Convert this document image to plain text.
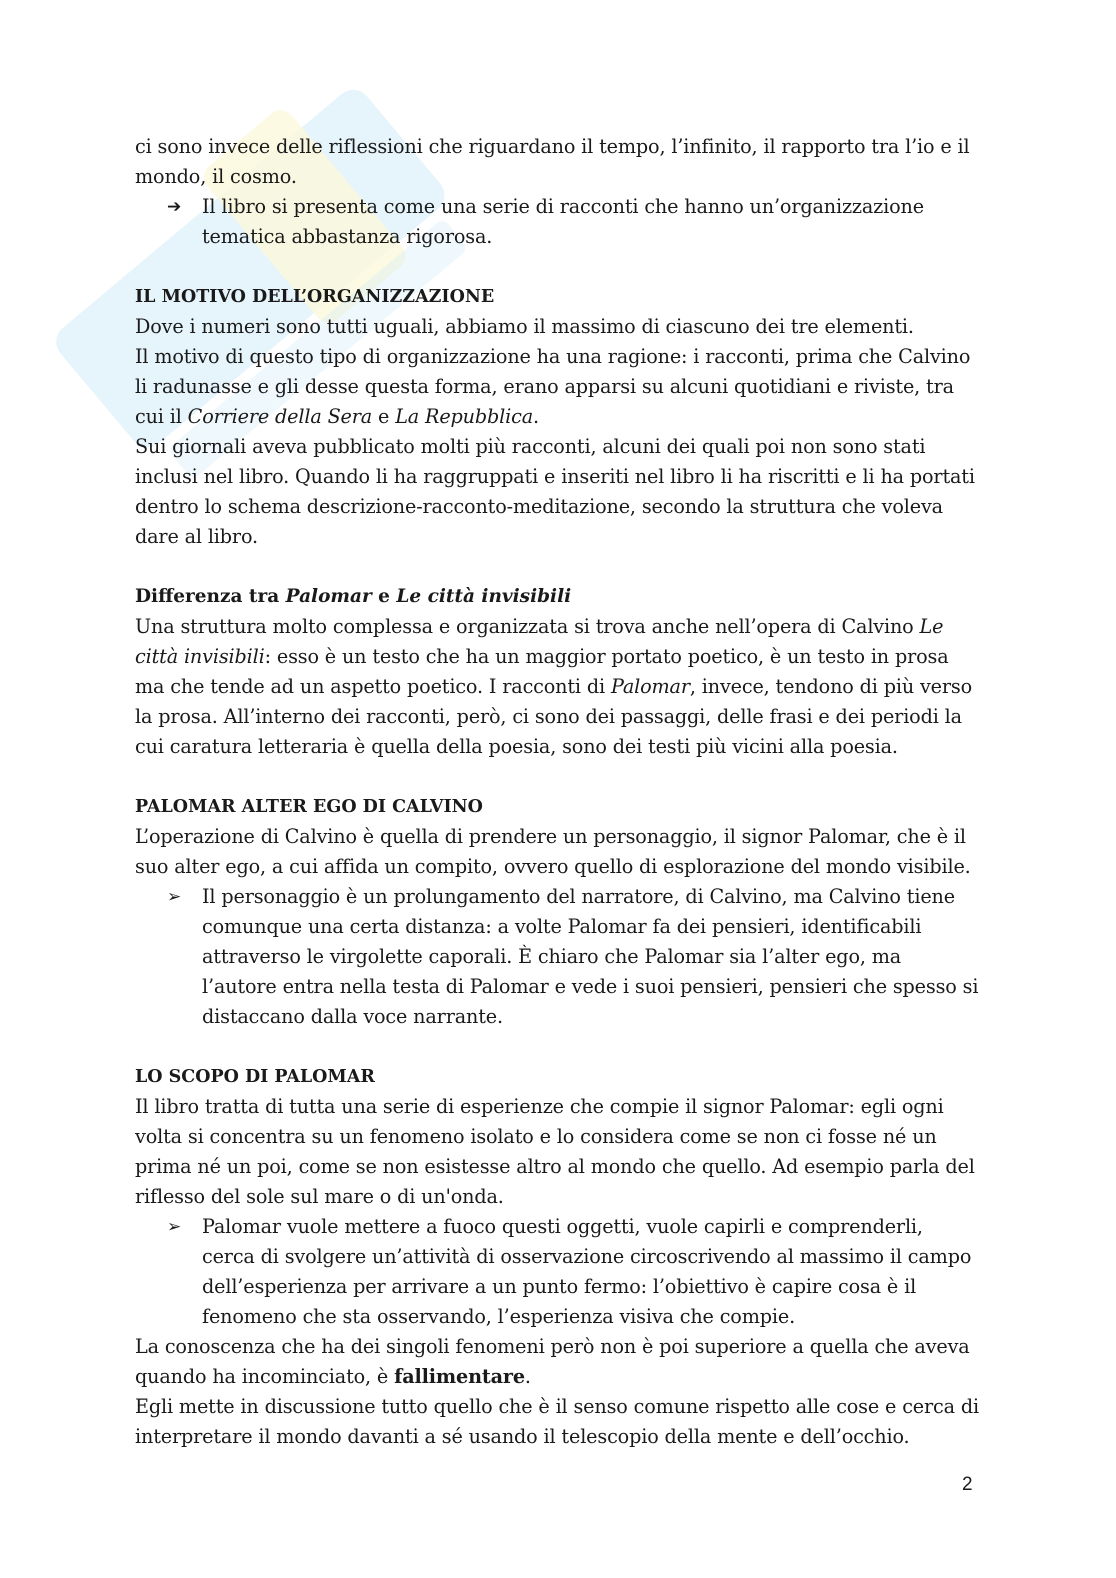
ci sono invece delle riflessioni che riguardano il tempo, l’infinito, il rapporto tra l’io e il mondo, il cosmo.

➔ Il libro si presenta come una serie di racconti che hanno un’organizzazione tematica abbastanza rigorosa.

IL MOTIVO DELL’ORGANIZZAZIONE

Dove i numeri sono tutti uguali, abbiamo il massimo di ciascuno dei tre elementi.

Il motivo di questo tipo di organizzazione ha una ragione: i racconti, prima che Calvino li radunasse e gli desse questa forma, erano apparsi su alcuni quotidiani e riviste, tra cui il Corriere della Sera e La Repubblica.

Sui giornali aveva pubblicato molti più racconti, alcuni dei quali poi non sono stati inclusi nel libro. Quando li ha raggruppati e inseriti nel libro li ha riscritti e li ha portati dentro lo schema descrizione-racconto-meditazione, secondo la struttura che voleva dare al libro.

Differenza tra Palomar e Le città invisibili

Una struttura molto complessa e organizzata si trova anche nell’opera di Calvino Le città invisibili: esso è un testo che ha un maggior portato poetico, è un testo in prosa ma che tende ad un aspetto poetico. I racconti di Palomar, invece, tendono di più verso la prosa. All’interno dei racconti, però, ci sono dei passaggi, delle frasi e dei periodi la cui caratura letteraria è quella della poesia, sono dei testi più vicini alla poesia.

PALOMAR ALTER EGO DI CALVINO

L’operazione di Calvino è quella di prendere un personaggio, il signor Palomar, che è il suo alter ego, a cui affida un compito, ovvero quello di esplorazione del mondo visibile.

➢ Il personaggio è un prolungamento del narratore, di Calvino, ma Calvino tiene comunque una certa distanza: a volte Palomar fa dei pensieri, identificabili attraverso le virgolette caporali. È chiaro che Palomar sia l’alter ego, ma l’autore entra nella testa di Palomar e vede i suoi pensieri, pensieri che spesso si distaccano dalla voce narrante.

LO SCOPO DI PALOMAR

Il libro tratta di tutta una serie di esperienze che compie il signor Palomar: egli ogni volta si concentra su un fenomeno isolato e lo considera come se non ci fosse né un prima né un poi, come se non esistesse altro al mondo che quello. Ad esempio parla del riflesso del sole sul mare o di un'onda.

➢ Palomar vuole mettere a fuoco questi oggetti, vuole capirli e comprenderli, cerca di svolgere un’attività di osservazione circoscrivendo al massimo il campo dell’esperienza per arrivare a un punto fermo: l’obiettivo è capire cosa è il fenomeno che sta osservando, l’esperienza visiva che compie.

La conoscenza che ha dei singoli fenomeni però non è poi superiore a quella che aveva quando ha incominciato, è fallimentare.

Egli mette in discussione tutto quello che è il senso comune rispetto alle cose e cerca di interpretare il mondo davanti a sé usando il telescopio della mente e dell’occhio.

2
